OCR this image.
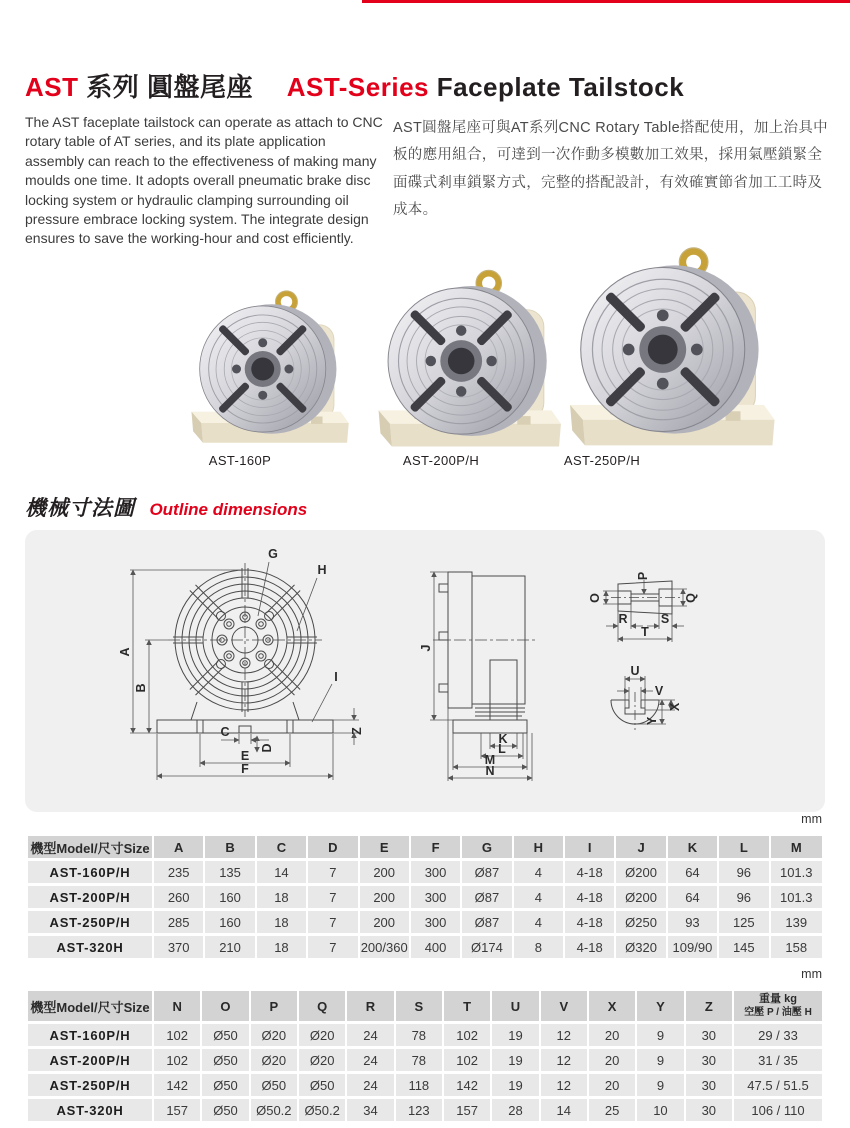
AST 系列 圓盤尾座 AST-Series Faceplate Tailstock

The AST faceplate tailstock can operate as attach to CNC rotary table of AT series, and its plate application assembly can reach to the effectiveness of making many moulds one time. It adopts overall pneumatic brake disc locking system or hydraulic clamping surrounding oil pressure embrace locking system. The integrate design ensures to save the working-hour and cost efficiently.

AST圓盤尾座可與AT系列CNC Rotary Table搭配使用，加上治具中板的應用組合，可達到一次作動多模數加工效果，採用氣壓鎖緊全面碟式剎車鎖緊方式，完整的搭配設計，有效確實節省加工工時及成本。

AST-160P	AST-200P/H	AST-250P/H
機械寸法圖 Outline dimensions
A
B
G
H
I
Z
C
D
E
F
J
K
L
M
N
O
P
Q
R	S
T
U
V
X
Y
mm
機型Model/尺寸Size	A	B	C	D	E	F	G	H	I	J	K	L	M
AST-160P/H	235	135	14	7	200	300	Ø87	4	4-18	Ø200	64	96	101.3
AST-200P/H	260	160	18	7	200	300	Ø87	4	4-18	Ø200	64	96	101.3
AST-250P/H	285	160	18	7	200	300	Ø87	4	4-18	Ø250	93	125	139
AST-320H	370	210	18	7	200/360	400	Ø174	8	4-18	Ø320	109/90	145	158
mm
機型Model/尺寸Size	N	O	P	Q	R	S	T	U	V	X	Y	Z	重量 kg
空壓 P / 油壓 H

AST-160P/H	102	Ø50	Ø20	Ø20	24	78	102	19	12	20	9	30	29 / 33
AST-200P/H	102	Ø50	Ø20	Ø20	24	78	102	19	12	20	9	30	31 / 35
AST-250P/H	142	Ø50	Ø50	Ø50	24	118	142	19	12	20	9	30	47.5 / 51.5
AST-320H	157	Ø50	Ø50.2	Ø50.2	34	123	157	28	14	25	10	30	106 / 110
